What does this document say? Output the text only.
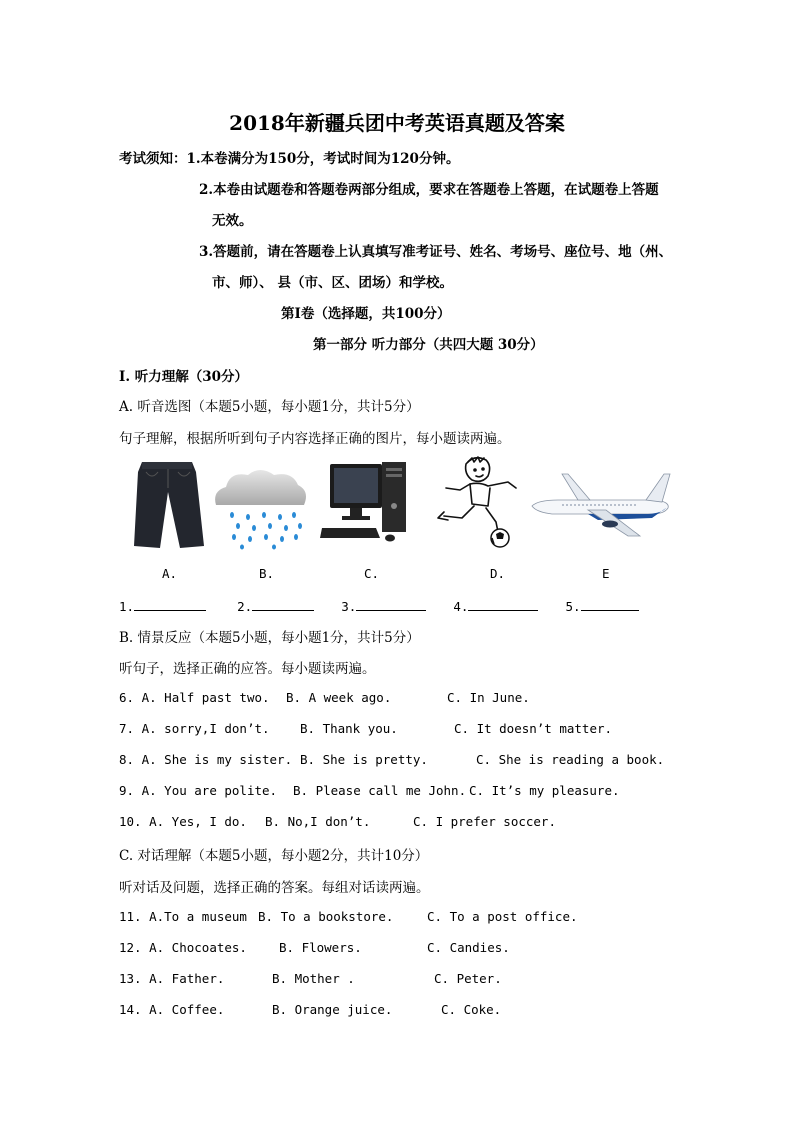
2018年新疆兵团中考英语真题及答案
考试须知：1.本卷满分为150分，考试时间为120分钟。
2.本卷由试题卷和答题卷两部分组成，要求在答题卷上答题，在试题卷上答题
无效。
3.答题前，请在答题卷上认真填写准考证号、姓名、考场号、座位号、地（州、
市、师）、 县（市、区、团场）和学校。
第Ⅰ卷（选择题，共100分）
第一部分 听力部分（共四大题 30分）
Ⅰ. 听力理解（30分）
A. 听音选图（本题5小题，每小题1分，共计5分）
句子理解，根据所听到句子内容选择正确的图片，每小题读两遍。
A.	B.	C.	D.	E
1.	2.	3.	4.	5.
B. 情景反应（本题5小题，每小题1分，共计5分）
听句子，选择正确的应答。每小题读两遍。
6. A. Half past two. B. A week ago.	C. In June.
7. A. sorry,I don’t. B. Thank you.	C. It doesn’t matter.
8. A. She is my sister. B. She is pretty.	C. She is reading a book.
9. A. You are polite. B. Please call me John. C. It’s my pleasure.
10. A. Yes, I do. B. No,I don’t.	C. I prefer soccer.
C. 对话理解（本题5小题，每小题2分，共计10分）
听对话及问题，选择正确的答案。每组对话读两遍。
11. A.To a museum B. To a bookstore.	C. To a post office.
12. A. Chocoates.	B. Flowers.	C. Candies.
13. A. Father.	B. Mother .	C. Peter.
14. A. Coffee.	B. Orange juice.	C. Coke.
